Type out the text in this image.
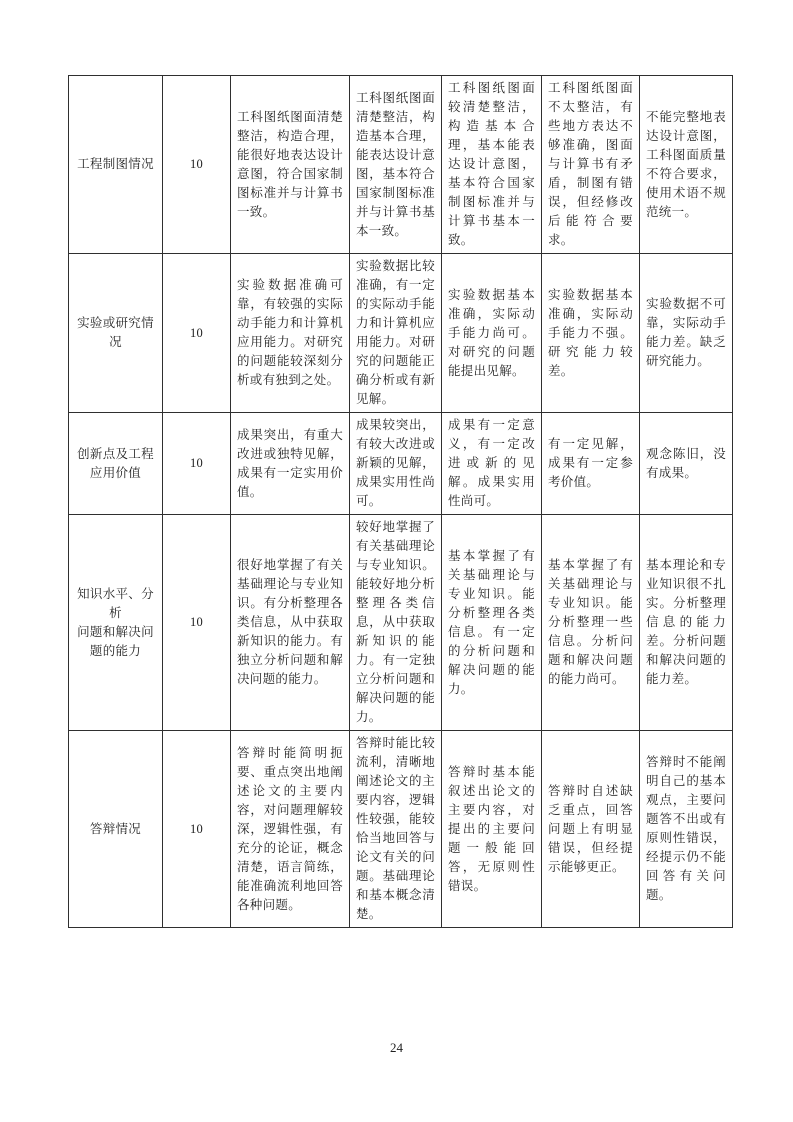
工程制图情况	10	工科图纸图面清楚整洁，构造合理，能很好地表达设计意图，符合国家制图标准并与计算书一致。	工科图纸图面清楚整洁，构造基本合理，能表达设计意图，基本符合国家制图标准并与计算书基本一致。	工科图纸图面较清楚整洁，构造基本合理，基本能表达设计意图，基本符合国家制图标准并与计算书基本一致。	工科图纸图面不太整洁，有些地方表达不够准确，图面与计算书有矛盾，制图有错误，但经修改后能符合要求。	不能完整地表达设计意图，工科图面质量不符合要求，使用术语不规范统一。

实验或研究情
况	10	实验数据准确可靠，有较强的实际动手能力和计算机应用能力。对研究的问题能较深刻分析或有独到之处。	实验数据比较准确，有一定的实际动手能力和计算机应用能力。对研究的问题能正确分析或有新见解。	实验数据基本准确，实际动手能力尚可。对研究的问题能提出见解。	实验数据基本准确，实际动手能力不强。研究能力较差。	实验数据不可靠，实际动手能力差。缺乏研究能力。

创新点及工程
应用价值	10	成果突出，有重大改进或独特见解，成果有一定实用价值。	成果较突出，有较大改进或新颖的见解，成果实用性尚可。	成果有一定意义，有一定改进或新的见解。成果实用性尚可。	有一定见解，成果有一定参考价值。	观念陈旧，没有成果。

知识水平、分析
问题和解决问
题的能力	10	很好地掌握了有关基础理论与专业知识。有分析整理各类信息，从中获取新知识的能力。有独立分析问题和解决问题的能力。	较好地掌握了有关基础理论与专业知识。能较好地分析整理各类信息，从中获取新知识的能力。有一定独立分析问题和解决问题的能力。	基本掌握了有关基础理论与专业知识。能分析整理各类信息。有一定的分析问题和解决问题的能力。	基本掌握了有关基础理论与专业知识。能分析整理一些信息。分析问题和解决问题的能力尚可。	基本理论和专业知识很不扎实。分析整理信息的能力差。分析问题和解决问题的能力差。

答辩情况	10	答辩时能简明扼要、重点突出地阐述论文的主要内容，对问题理解较深，逻辑性强，有充分的论证，概念清楚，语言简练，能准确流利地回答各种问题。	答辩时能比较流利，清晰地阐述论文的主要内容，逻辑性较强，能较恰当地回答与论文有关的问题。基础理论和基本概念清楚。	答辩时基本能叙述出论文的主要内容，对提出的主要问题一般能回答，无原则性错误。	答辩时自述缺乏重点，回答问题上有明显错误，但经提示能够更正。	答辩时不能阐明自己的基本观点，主要问题答不出或有原则性错误，经提示仍不能回答有关问题。
24
